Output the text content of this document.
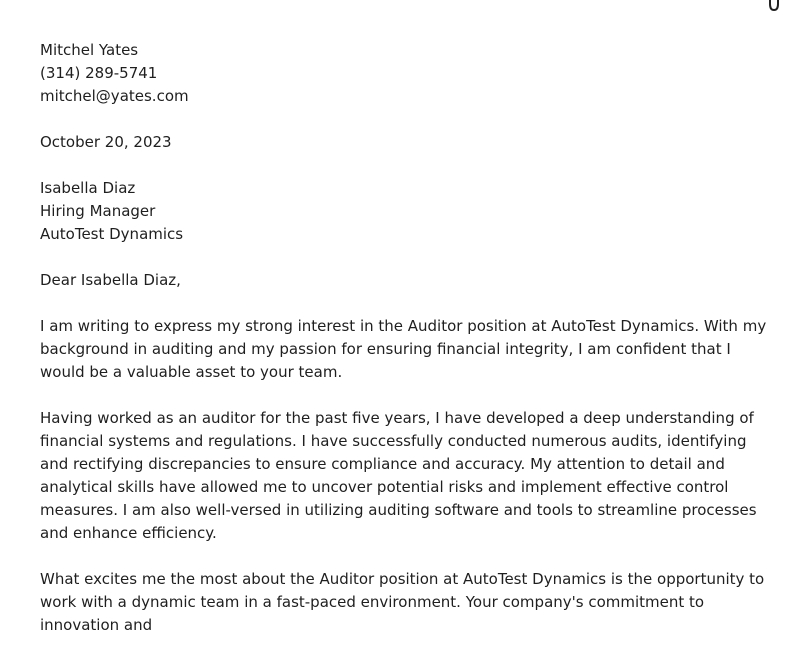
Mitchel Yates
(314) 289-5741
mitchel@yates.com
October 20, 2023
Isabella Diaz
Hiring Manager
AutoTest Dynamics
Dear Isabella Diaz,

I am writing to express my strong interest in the Auditor position at AutoTest Dynamics. With my background in auditing and my passion for ensuring financial integrity, I am confident that I would be a valuable asset to your team.

Having worked as an auditor for the past five years, I have developed a deep understanding of financial systems and regulations. I have successfully conducted numerous audits, identifying and rectifying discrepancies to ensure compliance and accuracy. My attention to detail and analytical skills have allowed me to uncover potential risks and implement effective control measures. I am also well-versed in utilizing auditing software and tools to streamline processes and enhance efficiency.

What excites me the most about the Auditor position at AutoTest Dynamics is the opportunity to work with a dynamic team in a fast-paced environment. Your company's commitment to innovation and
